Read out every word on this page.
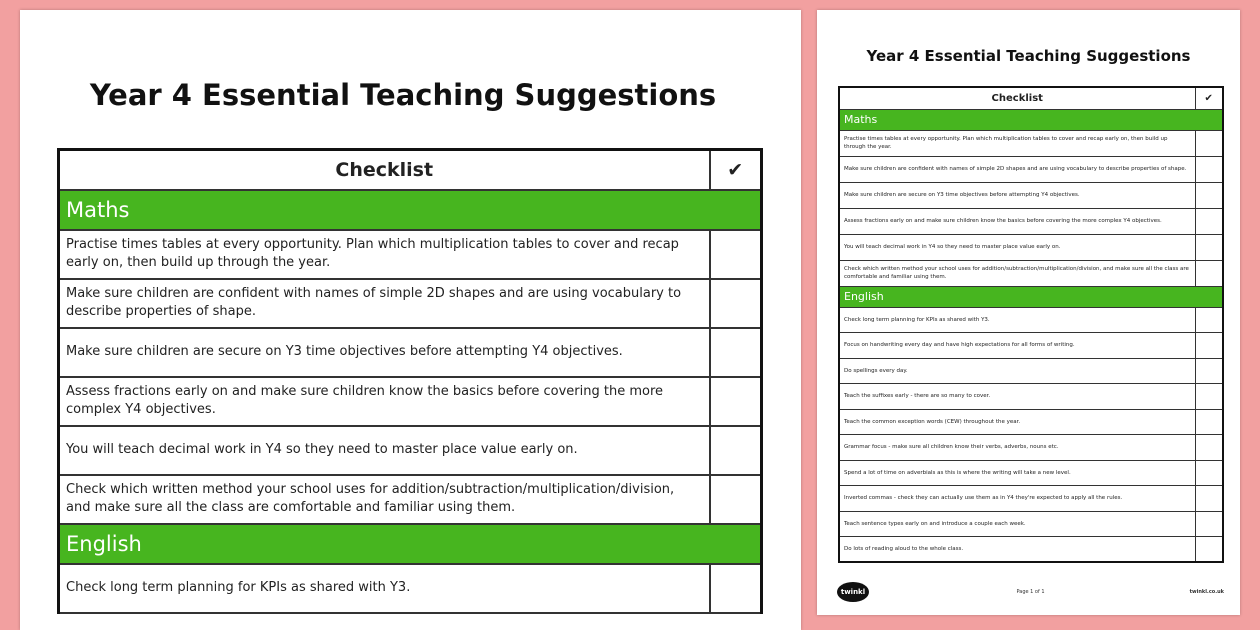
Year 4 Essential Teaching Suggestions
Checklist	✔
Maths	
Practise times tables at every opportunity. Plan which multiplication tables to cover and recap early on, then build up through the year.	
Make sure children are confident with names of simple 2D shapes and are using vocabulary to describe properties of shape.	
Make sure children are secure on Y3 time objectives before attempting Y4 objectives.	
Assess fractions early on and make sure children know the basics before covering the more complex Y4 objectives.	
You will teach decimal work in Y4 so they need to master place value early on.	
Check which written method your school uses for addition/subtraction/multiplication/division, and make sure all the class are comfortable and familiar using them.	
English	
Check long term planning for KPIs as shared with Y3.	
Year 4 Essential Teaching Suggestions
Checklist	✔
Maths	
Practise times tables at every opportunity. Plan which multiplication tables to cover and recap early on, then build up through the year.	
Make sure children are confident with names of simple 2D shapes and are using vocabulary to describe properties of shape.	
Make sure children are secure on Y3 time objectives before attempting Y4 objectives.	
Assess fractions early on and make sure children know the basics before covering the more complex Y4 objectives.	
You will teach decimal work in Y4 so they need to master place value early on.	
Check which written method your school uses for addition/subtraction/multiplication/division, and make sure all the class are comfortable and familiar using them.	
English	
Check long term planning for KPIs as shared with Y3.	
Focus on handwriting every day and have high expectations for all forms of writing.	
Do spellings every day.	
Teach the suffixes early - there are so many to cover.	
Teach the common exception words (CEW) throughout the year.	
Grammar focus - make sure all children know their verbs, adverbs, nouns etc.	
Spend a lot of time on adverbials as this is where the writing will take a new level.	
Inverted commas - check they can actually use them as in Y4 they're expected to apply all the rules.	
Teach sentence types early on and introduce a couple each week.	
Do lots of reading aloud to the whole class.	
twinkl	Page 1 of 1	twinkl.co.uk
